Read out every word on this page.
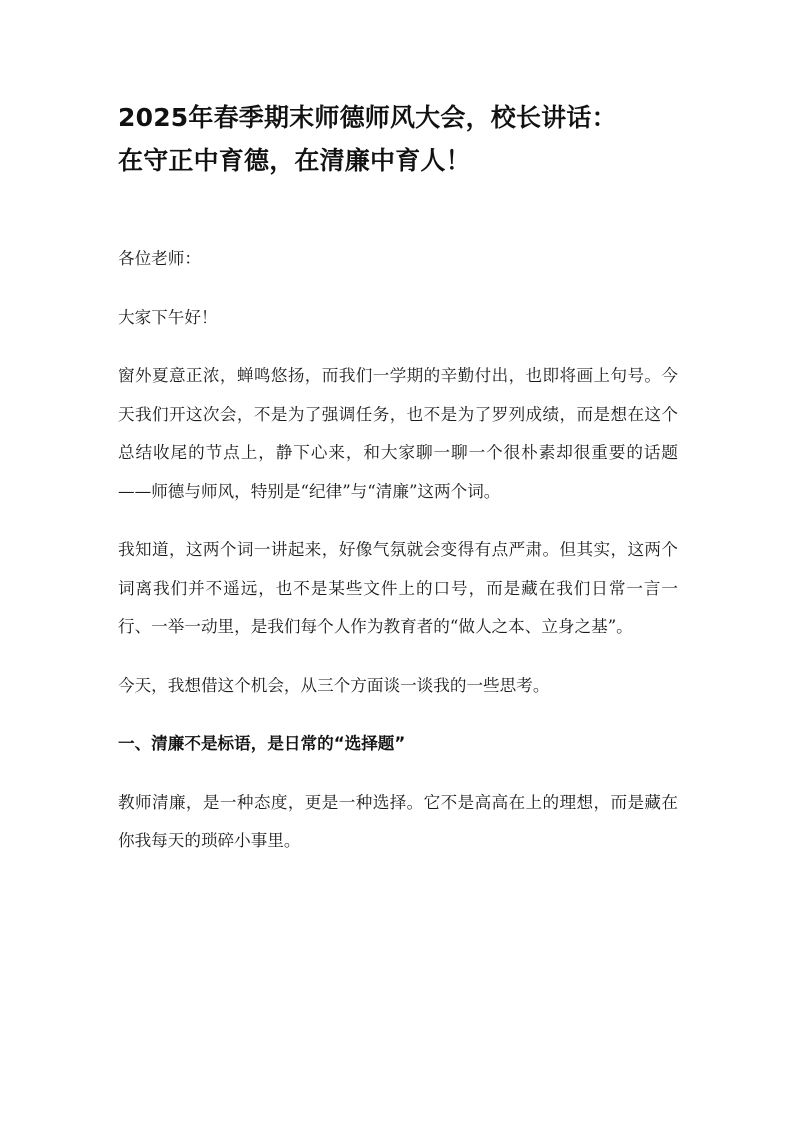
2025年春季期末师德师风大会，校长讲话：
在守正中育德，在清廉中育人！

各位老师：

大家下午好！

窗外夏意正浓，蝉鸣悠扬，而我们一学期的辛勤付出，也即将画上句号。今天我们开这次会，不是为了强调任务，也不是为了罗列成绩，而是想在这个总结收尾的节点上，静下心来，和大家聊一聊一个很朴素却很重要的话题——师德与师风，特别是“纪律”与“清廉”这两个词。

我知道，这两个词一讲起来，好像气氛就会变得有点严肃。但其实，这两个词离我们并不遥远，也不是某些文件上的口号，而是藏在我们日常一言一行、一举一动里，是我们每个人作为教育者的“做人之本、立身之基”。

今天，我想借这个机会，从三个方面谈一谈我的一些思考。

一、清廉不是标语，是日常的“选择题”

教师清廉，是一种态度，更是一种选择。它不是高高在上的理想，而是藏在你我每天的琐碎小事里。
